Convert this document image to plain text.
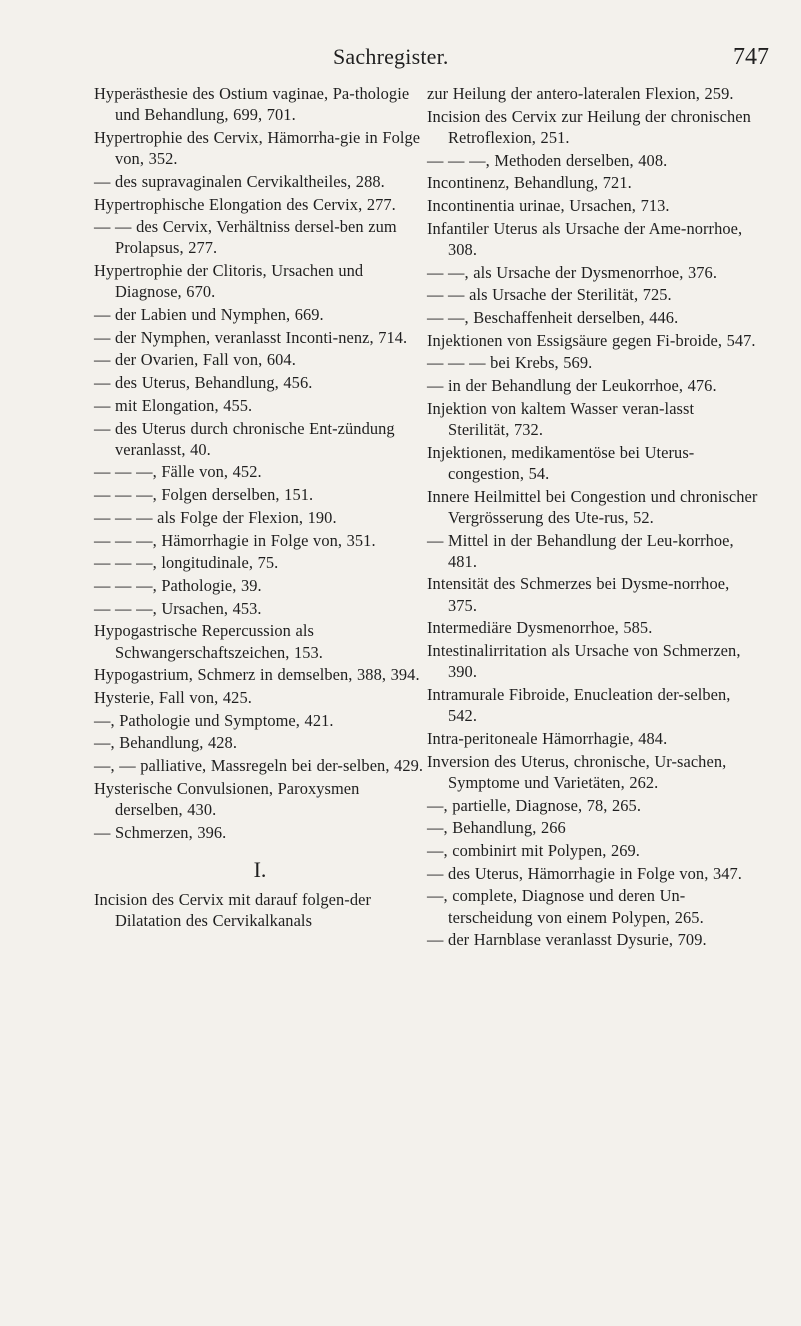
Sachregister.	747

Hyperästhesie des Ostium vaginae, Pa-thologie und Behandlung, 699, 701.

Hypertrophie des Cervix, Hämorrha-gie in Folge von, 352.

— des supravaginalen Cervikaltheiles, 288.

Hypertrophische Elongation des Cervix, 277.

— — des Cervix, Verhältniss dersel-ben zum Prolapsus, 277.

Hypertrophie der Clitoris, Ursachen und Diagnose, 670.

— der Labien und Nymphen, 669.

— der Nymphen, veranlasst Inconti-nenz, 714.

— der Ovarien, Fall von, 604.

— des Uterus, Behandlung, 456.

— mit Elongation, 455.

— des Uterus durch chronische Ent-zündung veranlasst, 40.

— — —, Fälle von, 452.

— — —, Folgen derselben, 151.

— — — als Folge der Flexion, 190.

— — —, Hämorrhagie in Folge von, 351.

— — —, longitudinale, 75.

— — —, Pathologie, 39.

— — —, Ursachen, 453.

Hypogastrische Repercussion als Schwangerschaftszeichen, 153.

Hypogastrium, Schmerz in demselben, 388, 394.

Hysterie, Fall von, 425.

—, Pathologie und Symptome, 421.

—, Behandlung, 428.

—, — palliative, Massregeln bei der-selben, 429.

Hysterische Convulsionen, Paroxysmen derselben, 430.

— Schmerzen, 396.

I.

Incision des Cervix mit darauf folgen-der Dilatation des Cervikalkanals

zur Heilung der antero-lateralen Flexion, 259.

Incision des Cervix zur Heilung der chronischen Retroflexion, 251.

— — —, Methoden derselben, 408.

Incontinenz, Behandlung, 721.

Incontinentia urinae, Ursachen, 713.

Infantiler Uterus als Ursache der Ame-norrhoe, 308.

— —, als Ursache der Dysmenorrhoe, 376.

— — als Ursache der Sterilität, 725.

— —, Beschaffenheit derselben, 446.

Injektionen von Essigsäure gegen Fi-broide, 547.

— — — bei Krebs, 569.

— in der Behandlung der Leukorrhoe, 476.

Injektion von kaltem Wasser veran-lasst Sterilität, 732.

Injektionen, medikamentöse bei Uterus-congestion, 54.

Innere Heilmittel bei Congestion und chronischer Vergrösserung des Ute-rus, 52.

— Mittel in der Behandlung der Leu-korrhoe, 481.

Intensität des Schmerzes bei Dysme-norrhoe, 375.

Intermediäre Dysmenorrhoe, 585.

Intestinalirritation als Ursache von Schmerzen, 390.

Intramurale Fibroide, Enucleation der-selben, 542.

Intra-peritoneale Hämorrhagie, 484.

Inversion des Uterus, chronische, Ur-sachen, Symptome und Varietäten, 262.

—, partielle, Diagnose, 78, 265.

—, Behandlung, 266

—, combinirt mit Polypen, 269.

— des Uterus, Hämorrhagie in Folge von, 347.

—, complete, Diagnose und deren Un-terscheidung von einem Polypen, 265.

— der Harnblase veranlasst Dysurie, 709.
